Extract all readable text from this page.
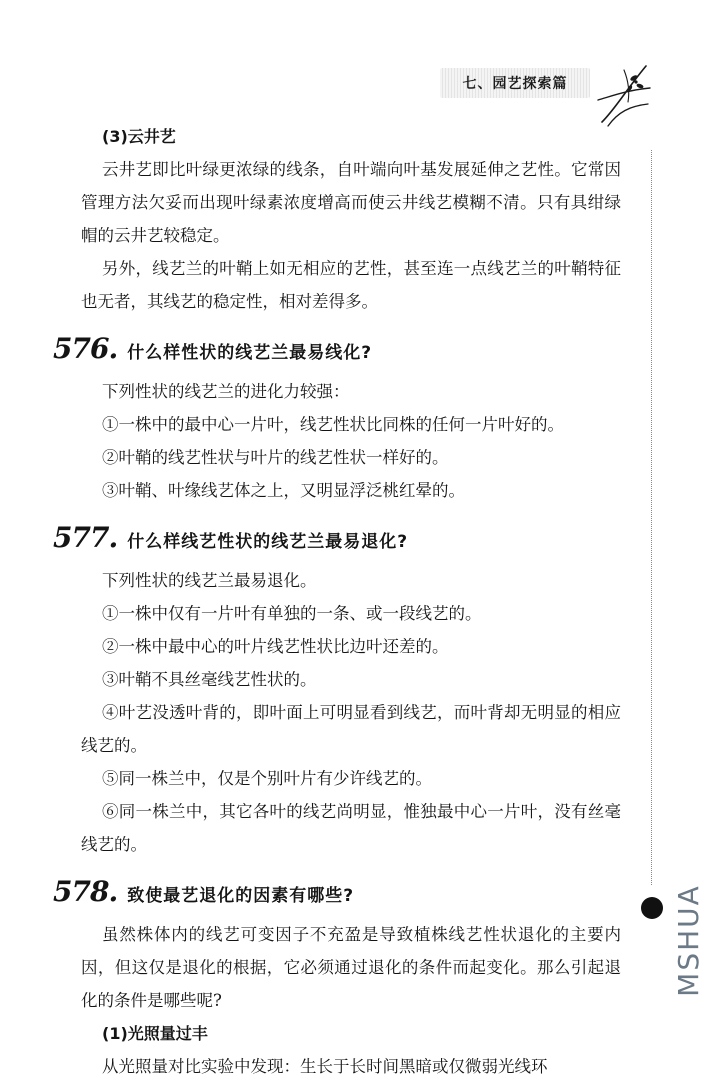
七、园艺探索篇

(3)云井艺

云井艺即比叶绿更浓绿的线条，自叶端向叶基发展延伸之艺性。它常因管理方法欠妥而出现叶绿素浓度增高而使云井线艺模糊不清。只有具绀绿帽的云井艺较稳定。

另外，线艺兰的叶鞘上如无相应的艺性，甚至连一点线艺兰的叶鞘特征也无者，其线艺的稳定性，相对差得多。

576. 什么样性状的线艺兰最易线化?

下列性状的线艺兰的进化力较强：

①一株中的最中心一片叶，线艺性状比同株的任何一片叶好的。

②叶鞘的线艺性状与叶片的线艺性状一样好的。

③叶鞘、叶缘线艺体之上，又明显浮泛桃红晕的。

577. 什么样线艺性状的线艺兰最易退化?

下列性状的线艺兰最易退化。

①一株中仅有一片叶有单独的一条、或一段线艺的。

②一株中最中心的叶片线艺性状比边叶还差的。

③叶鞘不具丝毫线艺性状的。

④叶艺没透叶背的，即叶面上可明显看到线艺，而叶背却无明显的相应线艺的。

⑤同一株兰中，仅是个别叶片有少许线艺的。

⑥同一株兰中，其它各叶的线艺尚明显，惟独最中心一片叶，没有丝毫线艺的。

578. 致使最艺退化的因素有哪些?

虽然株体内的线艺可变因子不充盈是导致植株线艺性状退化的主要内因，但这仅是退化的根据，它必须通过退化的条件而起变化。那么引起退化的条件是哪些呢?

(1)光照量过丰

从光照量对比实验中发现：生长于长时间黑暗或仅微弱光线环

MSHUA
